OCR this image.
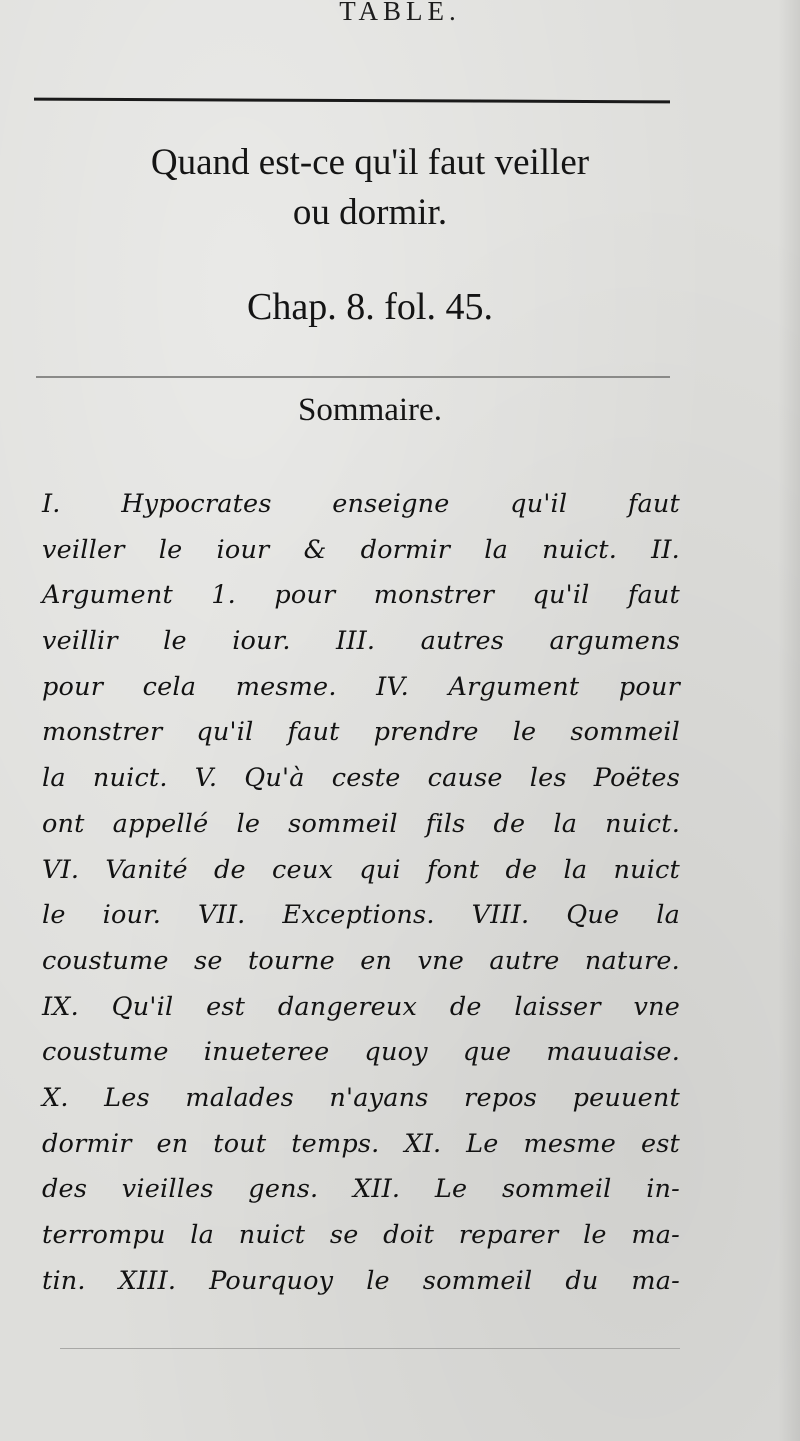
TABLE.
Quand est-ce qu'il faut veiller
ou dormir.
Chap. 8. fol. 45.
Sommaire.
I. Hypocrates enseigne qu'il faut
veiller le iour & dormir la nuict. II.
Argument 1. pour monstrer qu'il faut
veillir le iour. III. autres argumens
pour cela mesme. IV. Argument pour
monstrer qu'il faut prendre le sommeil
la nuict. V. Qu'à ceste cause les Poëtes
ont appellé le sommeil fils de la nuict.
VI. Vanité de ceux qui font de la nuict
le iour. VII. Exceptions. VIII. Que la
coustume se tourne en vne autre nature.
IX. Qu'il est dangereux de laisser vne
coustume inueteree quoy que mauuaise.
X. Les malades n'ayans repos peuuent
dormir en tout temps. XI. Le mesme est
des vieilles gens. XII. Le sommeil in-
terrompu la nuict se doit reparer le ma-
tin. XIII. Pourquoy le sommeil du ma-
